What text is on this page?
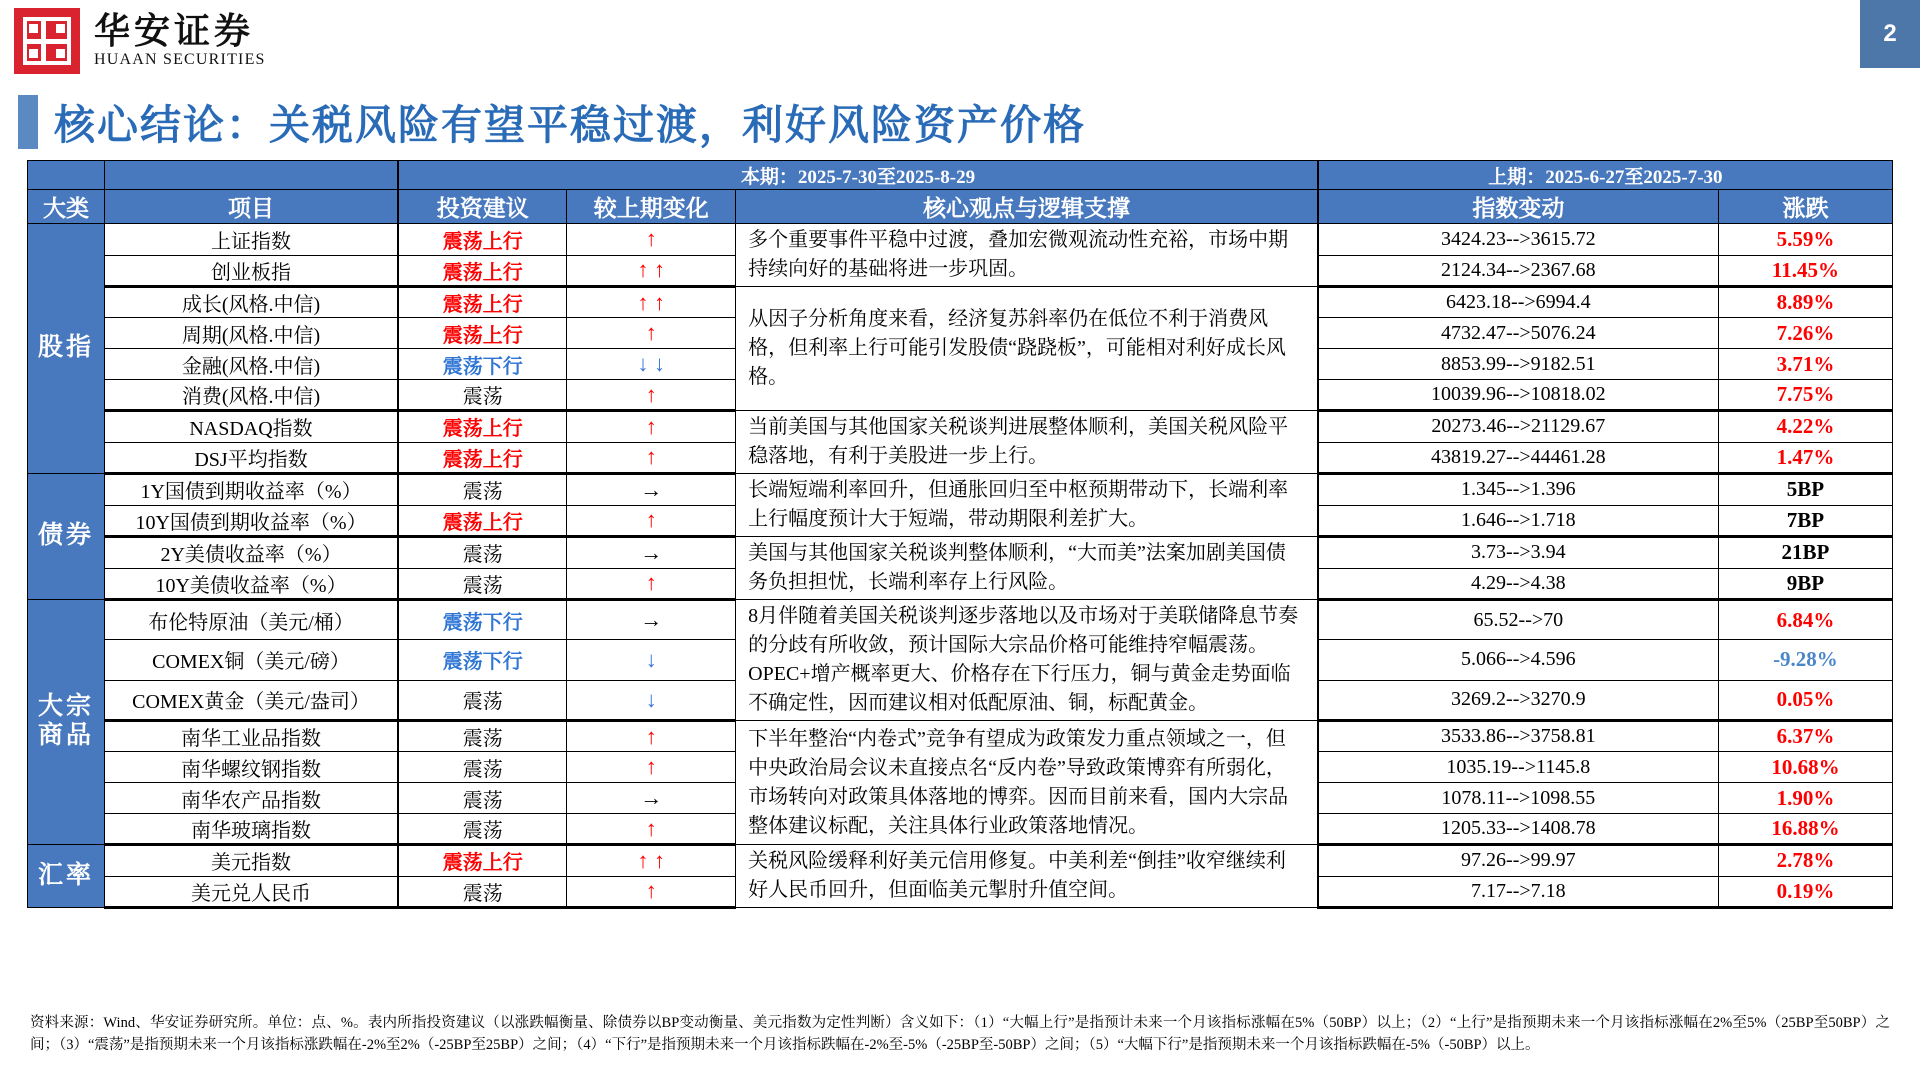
华安证券
HUAAN SECURITIES
2
核心结论：关税风险有望平稳过渡，利好风险资产价格
		本期：2025-7-30至2025-8-29			上期：2025-6-27至2025-7-30	
大类	项目	投资建议	较上期变化	核心观点与逻辑支撑	指数变动	涨跌

股指	上证指数	震荡上行	↑	多个重要事件平稳中过渡，叠加宏微观流动性充裕，市场中期持续向好的基础将进一步巩固。	3424.23-->3615.72	5.59%
	创业板指	震荡上行	↑ ↑		2124.34-->2367.68	11.45%
	成长(风格.中信)	震荡上行	↑ ↑	从因子分析角度来看，经济复苏斜率仍在低位不利于消费风格，但利率上行可能引发股债“跷跷板”，可能相对利好成长风格。	6423.18-->6994.4	8.89%
	周期(风格.中信)	震荡上行	↑		4732.47-->5076.24	7.26%
	金融(风格.中信)	震荡下行	↓ ↓		8853.99-->9182.51	3.71%
	消费(风格.中信)	震荡	↑		10039.96-->10818.02	7.75%
	NASDAQ指数	震荡上行	↑	当前美国与其他国家关税谈判进展整体顺利，美国关税风险平稳落地，有利于美股进一步上行。	20273.46-->21129.67	4.22%
	DSJ平均指数	震荡上行	↑		43819.27-->44461.28	1.47%

债券	1Y国债到期收益率（%）	震荡	→	长端短端利率回升，但通胀回归至中枢预期带动下，长端利率上行幅度预计大于短端，带动期限利差扩大。	1.345-->1.396	5BP
	10Y国债到期收益率（%）	震荡上行	↑		1.646-->1.718	7BP
	2Y美债收益率（%）	震荡	→	美国与其他国家关税谈判整体顺利，“大而美”法案加剧美国债务负担担忧，长端利率存上行风险。	3.73-->3.94	21BP
	10Y美债收益率（%）	震荡	↑		4.29-->4.38	9BP

大宗
商品	布伦特原油（美元/桶）	震荡下行	→	8月伴随着美国关税谈判逐步落地以及市场对于美联储降息节奏的分歧有所收敛，预计国际大宗品价格可能维持窄幅震荡。OPEC+增产概率更大、价格存在下行压力，铜与黄金走势面临不确定性，因而建议相对低配原油、铜，标配黄金。	65.52-->70	6.84%
	COMEX铜（美元/磅）	震荡下行	↓		5.066-->4.596	-9.28%
	COMEX黄金（美元/盎司）	震荡	↓		3269.2-->3270.9	0.05%
	南华工业品指数	震荡	↑	下半年整治“内卷式”竞争有望成为政策发力重点领域之一，但中央政治局会议未直接点名“反内卷”导致政策博弈有所弱化，市场转向对政策具体落地的博弈。因而目前来看，国内大宗品整体建议标配，关注具体行业政策落地情况。	3533.86-->3758.81	6.37%
	南华螺纹钢指数	震荡	↑		1035.19-->1145.8	10.68%
	南华农产品指数	震荡	→		1078.11-->1098.55	1.90%
	南华玻璃指数	震荡	↑		1205.33-->1408.78	16.88%

汇率	美元指数	震荡上行	↑ ↑	关税风险缓释利好美元信用修复。中美利差“倒挂”收窄继续利好人民币回升，但面临美元掣肘升值空间。	97.26-->99.97	2.78%
	美元兑人民币	震荡	↑		7.17-->7.18	0.19%
资料来源：Wind、华安证券研究所。单位：点、%。表内所指投资建议（以涨跌幅衡量、除债券以BP变动衡量、美元指数为定性判断）含义如下：（1）“大幅上行”是指预计未来一个月该指标涨幅在5%（50BP）以上；（2）“上行”是指预期未来一个月该指标涨幅在2%至5%（25BP至50BP）之间；（3）“震荡”是指预期未来一个月该指标涨跌幅在-2%至2%（-25BP至25BP）之间；（4）“下行”是指预期未来一个月该指标跌幅在-2%至-5%（-25BP至-50BP）之间；（5）“大幅下行”是指预期未来一个月该指标跌幅在-5%（-50BP）以上。
